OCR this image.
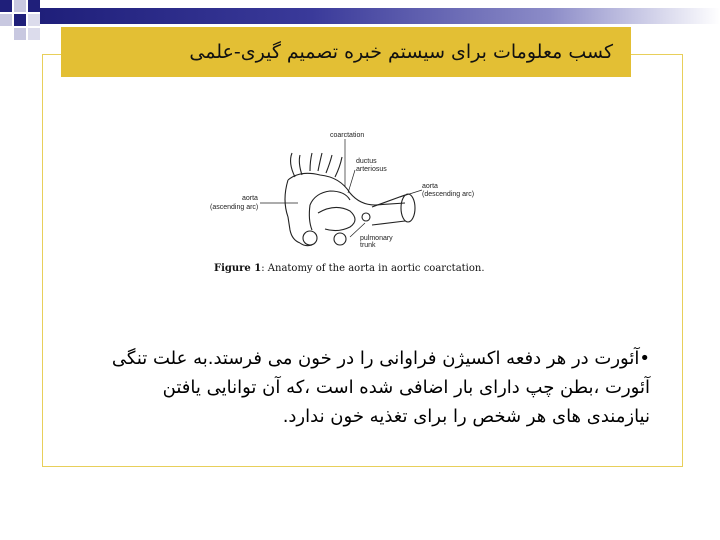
کسب معلومات برای سیستم خبره تصمیم گیری-علمی
coarctation
ductus
arteriosus
aorta
(ascending arc)
aorta
(descending arc)
pulmonary
trunk
Figure 1: Anatomy of the aorta in aortic coarctation.
•آئورت در هر دفعه اکسیژن فراوانی را در خون می فرستد.به علت تنگی آئورت ،بطن چپ دارای بار اضافی شده است ،که آن توانایی یافتن نیازمندی های هر شخص را برای تغذیه خون ندارد.
